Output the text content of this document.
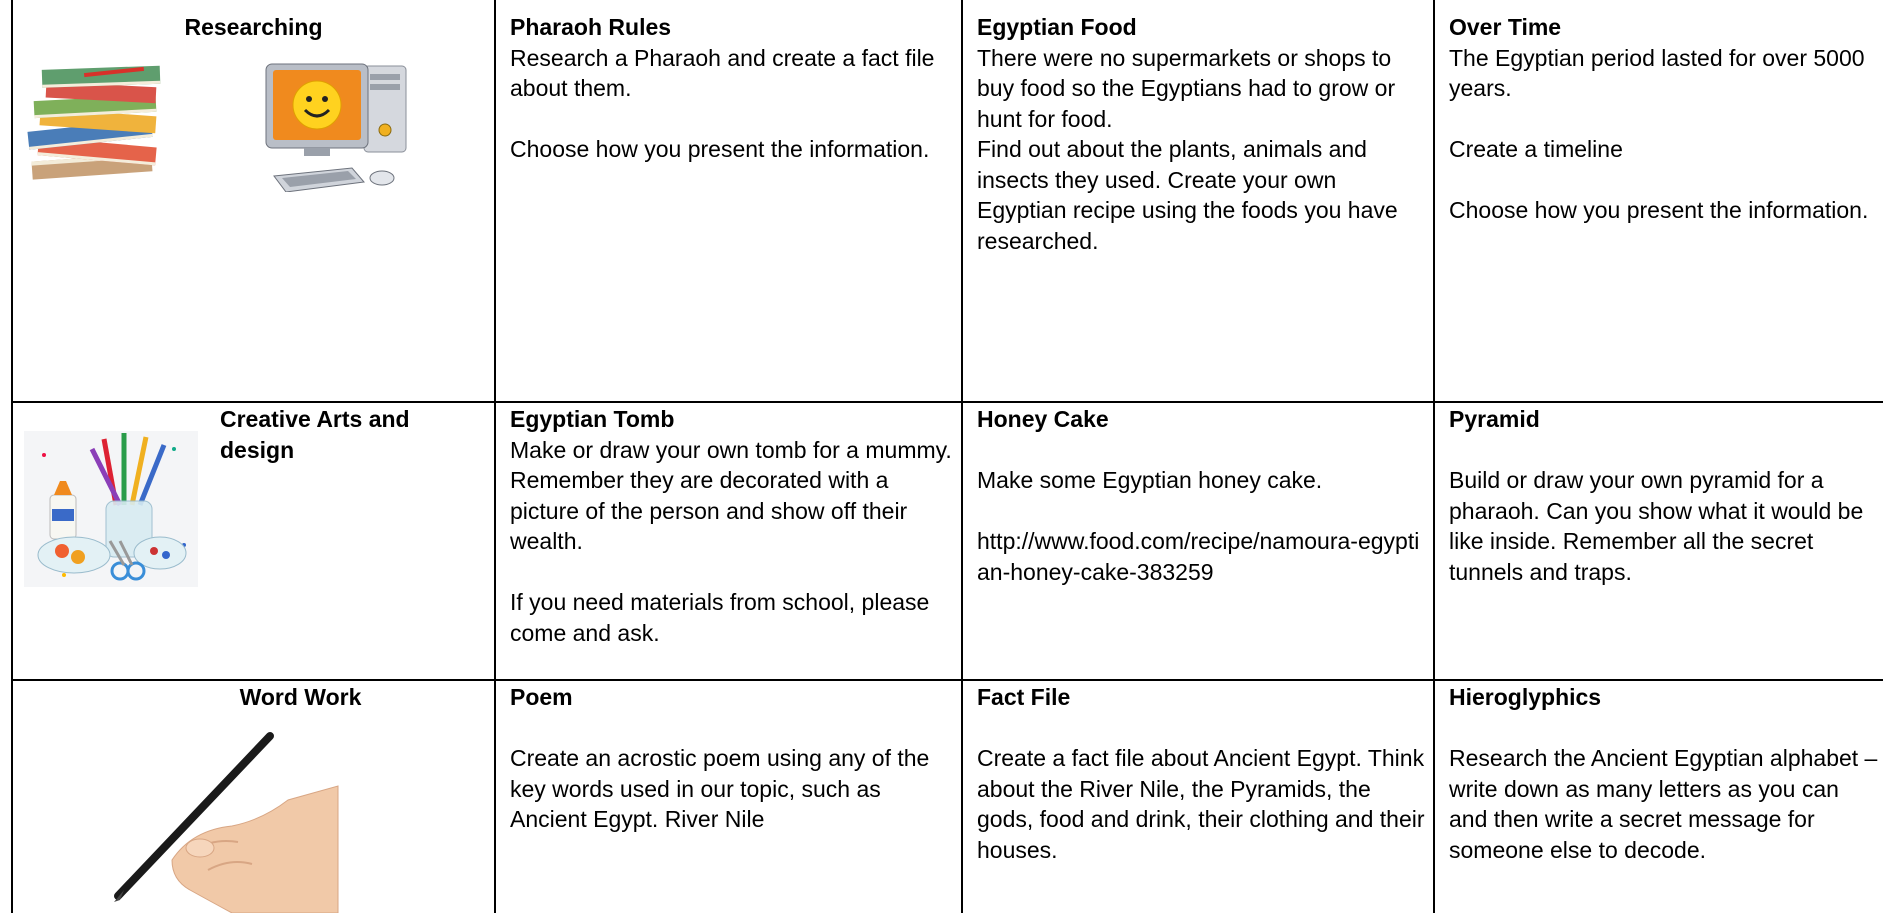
Researching	Pharaoh Rules
Research a Pharaoh and create a fact file about them.
Choose how you present the information.
Egyptian Food
There were no supermarkets or shops to buy food so the Egyptians had to grow or hunt for food.
Find out about the plants, animals and insects they used. Create your own Egyptian recipe using the foods you have researched.
Over Time
The Egyptian period lasted for over 5000 years.
Create a timeline
Choose how you present the information.
Creative Arts and design
Egyptian Tomb
Make or draw your own tomb for a mummy.
Remember they are decorated with a picture of the person and show off their wealth.
If you need materials from school, please come and ask.
Honey Cake
Make some Egyptian honey cake.
http://www.food.com/recipe/namoura-egyptian-honey-cake-383259
Pyramid
Build or draw your own pyramid for a pharaoh. Can you show what it would be like inside. Remember all the secret tunnels and traps.
Word Work	Poem
Create an acrostic poem using any of the key words used in our topic, such as Ancient Egypt. River Nile
Fact File
Create a fact file about Ancient Egypt. Think about the River Nile, the Pyramids, the gods, food and drink, their clothing and their houses.
Hieroglyphics
Research the Ancient Egyptian alphabet – write down as many letters as you can and then write a secret message for someone else to decode.
